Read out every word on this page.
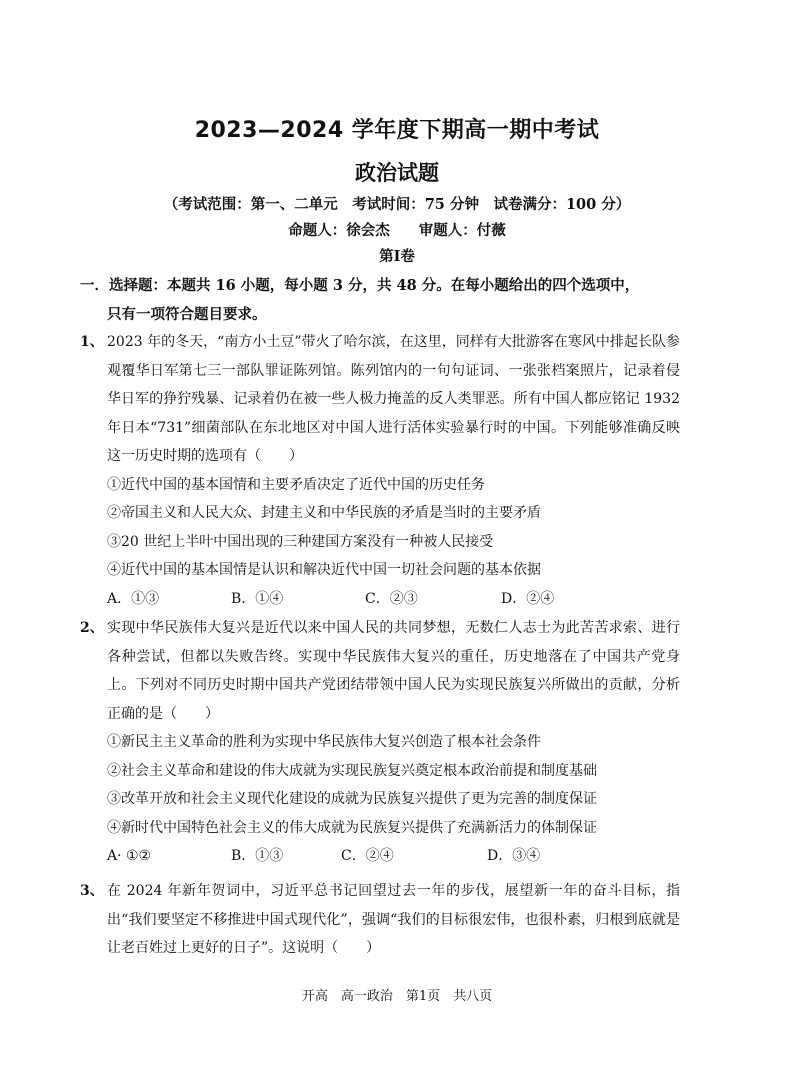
2023—2024 学年度下期高一期中考试
政治试题
（考试范围：第一、二单元　考试时间：75 分钟　试卷满分：100 分）
命题人：徐会杰　　审题人：付薇
第Ⅰ卷
一．选择题：本题共 16 小题，每小题 3 分，共 48 分。在每小题给出的四个选项中，
只有一项符合题目要求。
1、 2023 年的冬天，“南方小土豆”带火了哈尔滨，在这里，同样有大批游客在寒风中排起长队参观覆华日军第七三一部队罪证陈列馆。陈列馆内的一句句证词、一张张档案照片，记录着侵华日军的狰狞残暴、记录着仍在被一些人极力掩盖的反人类罪恶。所有中国人都应铭记 1932 年日本“731”细菌部队在东北地区对中国人进行活体实验暴行时的中国。下列能够准确反映这一历史时期的选项有（　　）
①近代中国的基本国情和主要矛盾决定了近代中国的历史任务
②帝国主义和人民大众、封建主义和中华民族的矛盾是当时的主要矛盾
③20 世纪上半叶中国出现的三种建国方案没有一种被人民接受
④近代中国的基本国情是认识和解决近代中国一切社会问题的基本依据
A．①③	B．①④	C．②③	D．②④
2、 实现中华民族伟大复兴是近代以来中国人民的共同梦想，无数仁人志士为此苦苦求索、进行各种尝试，但都以失败告终。实现中华民族伟大复兴的重任，历史地落在了中国共产党身上。下列对不同历史时期中国共产党团结带领中国人民为实现民族复兴所做出的贡献，分析正确的是（　　）
①新民主主义革命的胜利为实现中华民族伟大复兴创造了根本社会条件
②社会主义革命和建设的伟大成就为实现民族复兴奠定根本政治前提和制度基础
③改革开放和社会主义现代化建设的成就为民族复兴提供了更为完善的制度保证
④新时代中国特色社会主义的伟大成就为民族复兴提供了充满新活力的体制保证
A· ①②	B．①③	C．②④	D．③④
3、 在 2024 年新年贺词中，习近平总书记回望过去一年的步伐，展望新一年的奋斗目标，指出“我们要坚定不移推进中国式现代化”，强调“我们的目标很宏伟，也很朴素，归根到底就是让老百姓过上更好的日子”。这说明（　　）
开高　高一政治　第1页　共八页
